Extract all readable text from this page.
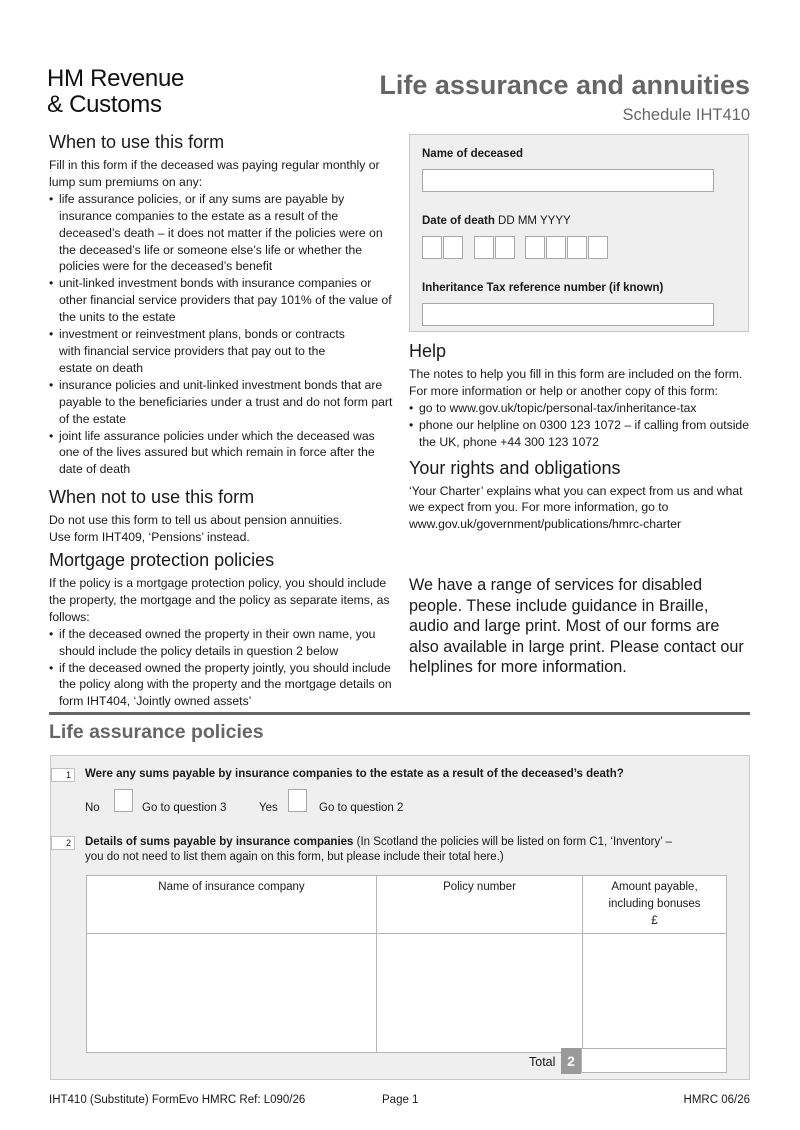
HM Revenue
& Customs
Life assurance and annuities
Schedule IHT410
When to use this form

Fill in this form if the deceased was paying regular monthly or lump sum premiums on any:

• life assurance policies, or if any sums are payable by insurance companies to the estate as a result of the deceased’s death – it does not matter if the policies were on the deceased’s life or someone else’s life or whether the policies were for the deceased’s benefit
• unit-linked investment bonds with insurance companies or other financial service providers that pay 101% of the value of the units to the estate
• investment or reinvestment plans, bonds or contracts with financial service providers that pay out to the estate on death
• insurance policies and unit-linked investment bonds that are payable to the beneficiaries under a trust and do not form part of the estate
• joint life assurance policies under which the deceased was one of the lives assured but which remain in force after the date of death
When not to use this form

Do not use this form to tell us about pension annuities.

Use form IHT409, ‘Pensions’ instead.

Mortgage protection policies

If the policy is a mortgage protection policy, you should include the property, the mortgage and the policy as separate items, as follows:

• if the deceased owned the property in their own name, you should include the policy details in question 2 below
• if the deceased owned the property jointly, you should include the policy along with the property and the mortgage details on form IHT404, ‘Jointly owned assets’
Name of deceased
Date of death DD MM YYYY
Inheritance Tax reference number (if known)
Help

The notes to help you fill in this form are included on the form. For more information or help or another copy of this form:

• go to www.gov.uk/topic/personal-tax/inheritance-tax
• phone our helpline on 0300 123 1072 – if calling from outside the UK, phone +44 300 123 1072
Your rights and obligations

‘Your Charter’ explains what you can expect from us and what we expect from you. For more information, go to www.gov.uk/government/publications/hmrc-charter

We have a range of services for disabled people. These include guidance in Braille, audio and large print. Most of our forms are also available in large print. Please contact our helplines for more information.
Life assurance policies
1	Were any sums payable by insurance companies to the estate as a result of the deceased’s death?
No	Go to question 3	Yes	Go to question 2
2	Details of sums payable by insurance companies (In Scotland the policies will be listed on form C1, ‘Inventory’ – you do not need to list them again on this form, but please include their total here.)
Name of insurance company	Policy number	Amount payable,
including bonuses
£

Total 2
IHT410 (Substitute) FormEvo HMRC Ref: L090/26	Page 1	HMRC 06/26
